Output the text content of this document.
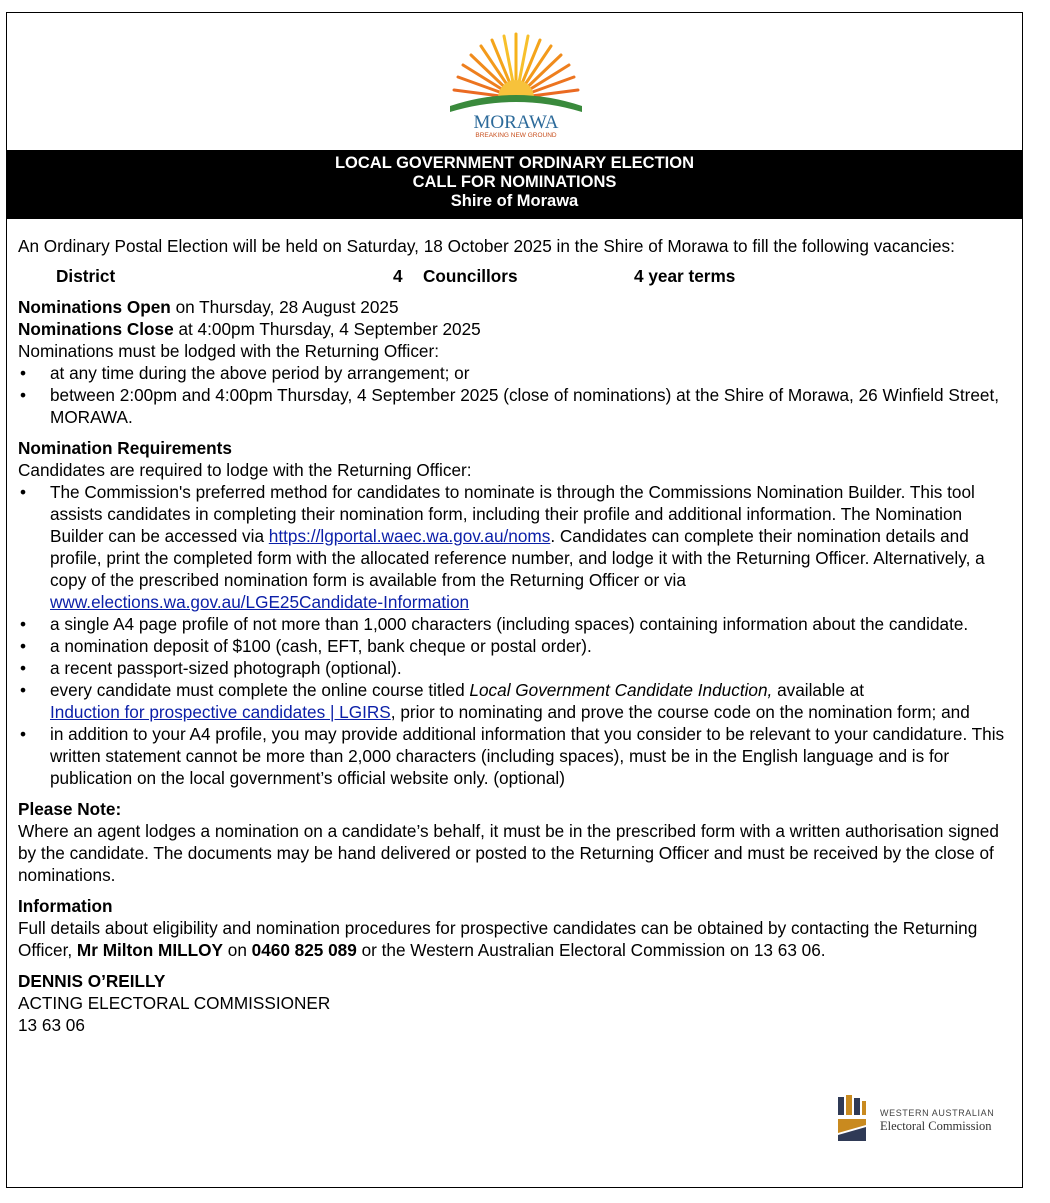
MORAWA
BREAKING NEW GROUND
LOCAL GOVERNMENT ORDINARY ELECTION
CALL FOR NOMINATIONS
Shire of Morawa

An Ordinary Postal Election will be held on Saturday, 18 October 2025 in the Shire of Morawa to fill the following vacancies:

District	4	Councillors	4 year terms

Nominations Open on Thursday, 28 August 2025

Nominations Close at 4:00pm Thursday, 4 September 2025

Nominations must be lodged with the Returning Officer:

• at any time during the above period by arrangement; or
• between 2:00pm and 4:00pm Thursday, 4 September 2025 (close of nominations) at the Shire of Morawa, 26 Winfield Street, MORAWA.

Nomination Requirements

Candidates are required to lodge with the Returning Officer:

• The Commission's preferred method for candidates to nominate is through the Commissions Nomination Builder. This tool assists candidates in completing their nomination form, including their profile and additional information. The Nomination Builder can be accessed via https://lgportal.waec.wa.gov.au/noms. Candidates can complete their nomination details and profile, print the completed form with the allocated reference number, and lodge it with the Returning Officer. Alternatively, a copy of the prescribed nomination form is available from the Returning Officer or via www.elections.wa.gov.au/LGE25Candidate-Information
• a single A4 page profile of not more than 1,000 characters (including spaces) containing information about the candidate.
• a nomination deposit of $100 (cash, EFT, bank cheque or postal order).
• a recent passport-sized photograph (optional).
• every candidate must complete the online course titled Local Government Candidate Induction, available at
Induction for prospective candidates | LGIRS, prior to nominating and prove the course code on the nomination form; and
• in addition to your A4 profile, you may provide additional information that you consider to be relevant to your candidature. This written statement cannot be more than 2,000 characters (including spaces), must be in the English language and is for publication on the local government’s official website only. (optional)

Please Note:

Where an agent lodges a nomination on a candidate’s behalf, it must be in the prescribed form with a written authorisation signed by the candidate. The documents may be hand delivered or posted to the Returning Officer and must be received by the close of nominations.

Information

Full details about eligibility and nomination procedures for prospective candidates can be obtained by contacting the Returning Officer, Mr Milton MILLOY on 0460 825 089 or the Western Australian Electoral Commission on 13 63 06.

DENNIS O’REILLY

ACTING ELECTORAL COMMISSIONER

13 63 06

WESTERN AUSTRALIAN
Electoral Commission
